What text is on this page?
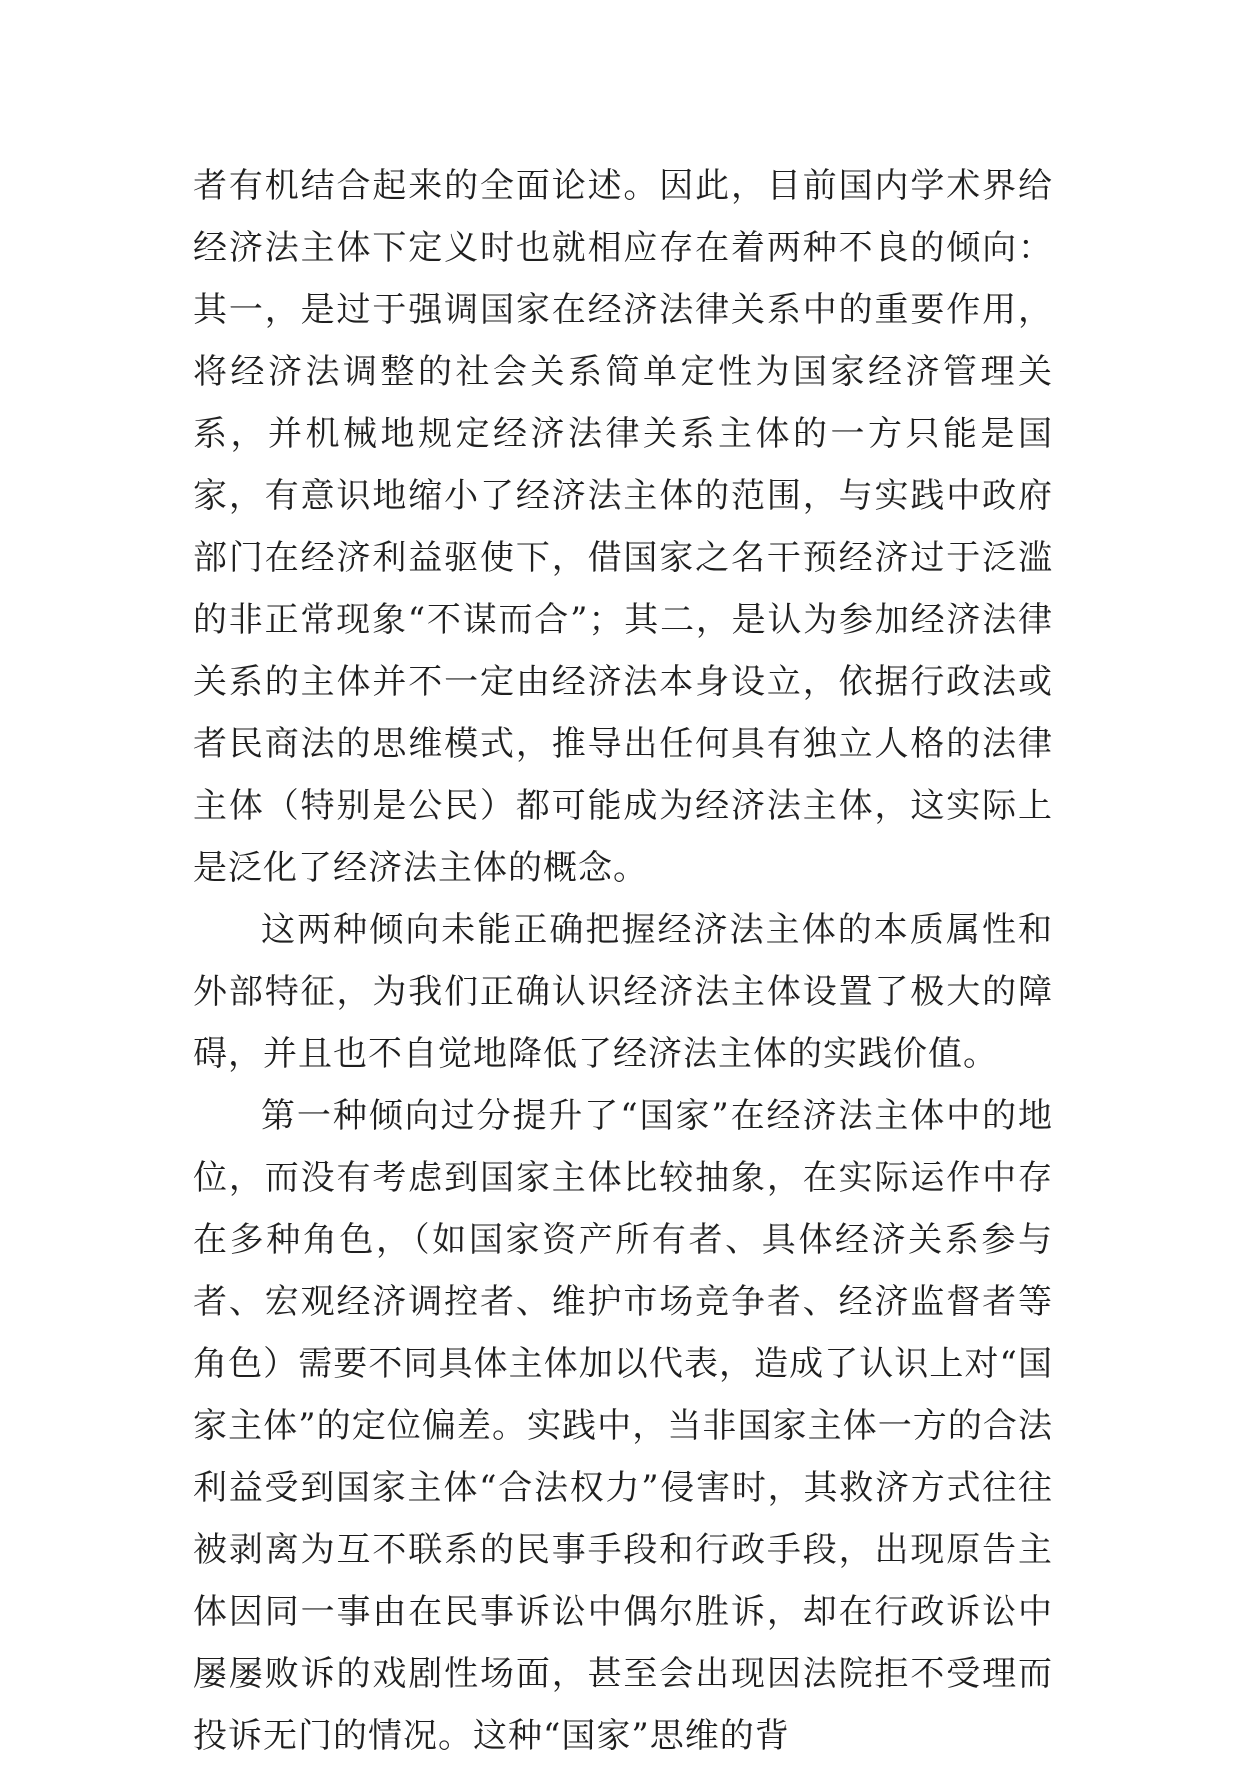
者有机结合起来的全面论述。因此，目前国内学术界给经济法主体下定义时也就相应存在着两种不良的倾向：其一，是过于强调国家在经济法律关系中的重要作用，将经济法调整的社会关系简单定性为国家经济管理关系，并机械地规定经济法律关系主体的一方只能是国家，有意识地缩小了经济法主体的范围，与实践中政府部门在经济利益驱使下，借国家之名干预经济过于泛滥的非正常现象“不谋而合”；其二，是认为参加经济法律关系的主体并不一定由经济法本身设立，依据行政法或者民商法的思维模式，推导出任何具有独立人格的法律主体（特别是公民）都可能成为经济法主体，这实际上是泛化了经济法主体的概念。

这两种倾向未能正确把握经济法主体的本质属性和外部特征，为我们正确认识经济法主体设置了极大的障碍，并且也不自觉地降低了经济法主体的实践价值。

第一种倾向过分提升了“国家”在经济法主体中的地位，而没有考虑到国家主体比较抽象，在实际运作中存在多种角色，（如国家资产所有者、具体经济关系参与者、宏观经济调控者、维护市场竞争者、经济监督者等角色）需要不同具体主体加以代表，造成了认识上对“国家主体”的定位偏差。实践中，当非国家主体一方的合法利益受到国家主体“合法权力”侵害时，其救济方式往往被剥离为互不联系的民事手段和行政手段，出现原告主体因同一事由在民事诉讼中偶尔胜诉，却在行政诉讼中屡屡败诉的戏剧性场面，甚至会出现因法院拒不受理而投诉无门的情况。这种“国家”思维的背
